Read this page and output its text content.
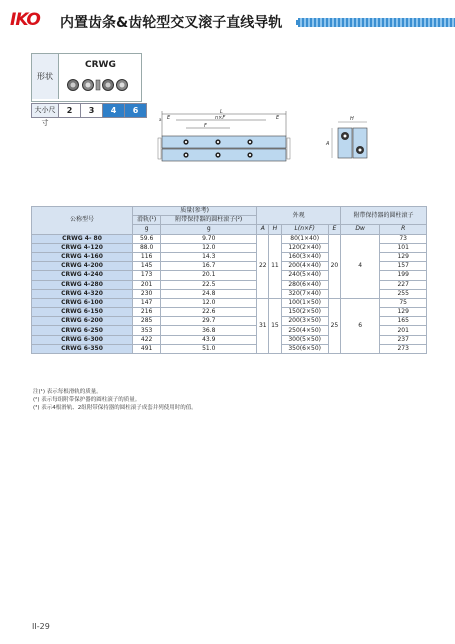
IKO 内置齿条&齿轮型交叉滚子直线导轨
形状
CRWG
大小尺寸
2	3	4	6	L
n×F
F
E	E
a	H
A
公称型号	质量(参考)		外观				附带保持器的圆柱滚子	
	滑轨(¹)	附带保持器的圆柱滚子(²)						
	g	g	A	H	L(n×F)	E	Dw	R
CRWG 4- 80	59.6	9.70	22	11	80(1×40)	20	4	73
CRWG 4-120	88.0	12.0			120(2×40)			101
CRWG 4-160	116	14.3			160(3×40)			129
CRWG 4-200	145	16.7			200(4×40)			157
CRWG 4-240	173	20.1			240(5×40)			199
CRWG 4-280	201	22.5			280(6×40)			227
CRWG 4-320	230	24.8			320(7×40)			255
CRWG 6-100	147	12.0	31	15	100(1×50)	25	6	75
CRWG 6-150	216	22.6			150(2×50)			129
CRWG 6-200	285	29.7			200(3×50)			165
CRWG 6-250	353	36.8			250(4×50)			201
CRWG 6-300	422	43.9			300(5×50)			237
CRWG 6-350	491	51.0			350(6×50)			273
注(¹) 表示每根滑轨的质量。
(²) 表示每组附带保护器的圆柱滚子的质量。
(³) 表示4根滑轨、2组附带保持器的圆柱滚子成套并列使用时的值。
II-29
